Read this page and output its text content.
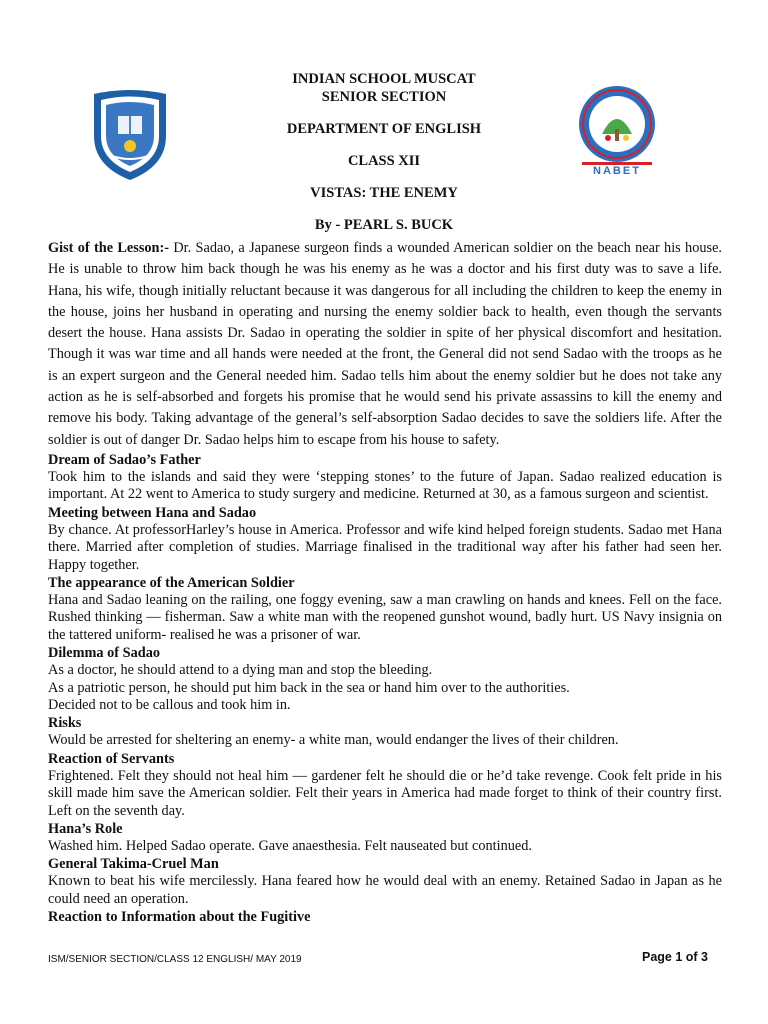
INDIAN SCHOOL MUSCAT
SENIOR SECTION
DEPARTMENT OF ENGLISH
CLASS XII
VISTAS: THE ENEMY
By - PEARL S. BUCK
NABET

Gist of the Lesson:- Dr. Sadao, a Japanese surgeon finds a wounded American soldier on the beach near his house. He is unable to throw him back though he was his enemy as he was a doctor and his first duty was to save a life. Hana, his wife, though initially reluctant because it was dangerous for all including the children to keep the enemy in the house, joins her husband in operating and nursing the enemy soldier back to health, even though the servants desert the house. Hana assists Dr. Sadao in operating the soldier in spite of her physical discomfort and hesitation. Though it was war time and all hands were needed at the front, the General did not send Sadao with the troops as he is an expert surgeon and the General needed him. Sadao tells him about the enemy soldier but he does not take any action as he is self-absorbed and forgets his promise that he would send his private assassins to kill the enemy and remove his body. Taking advantage of the general’s self-absorption Sadao decides to save the soldiers life. After the soldier is out of danger Dr. Sadao helps him to escape from his house to safety.

Dream of Sadao’s Father

Took him to the islands and said they were ‘stepping stones’ to the future of Japan. Sadao realized education is important. At 22 went to America to study surgery and medicine. Returned at 30, as a famous surgeon and scientist.

Meeting between Hana and Sadao

By chance. At professorHarley’s house in America. Professor and wife kind helped foreign students. Sadao met Hana there. Married after completion of studies. Marriage finalised in the traditional way after his father had seen her. Happy together.

The appearance of the American Soldier

Hana and Sadao leaning on the railing, one foggy evening, saw a man crawling on hands and knees. Fell on the face. Rushed thinking — fisherman. Saw a white man with the reopened gunshot wound, badly hurt. US Navy insignia on the tattered uniform- realised he was a prisoner of war.

Dilemma of Sadao

As a doctor, he should attend to a dying man and stop the bleeding.

As a patriotic person, he should put him back in the sea or hand him over to the authorities.

Decided not to be callous and took him in.

Risks

Would be arrested for sheltering an enemy- a white man, would endanger the lives of their children.

Reaction of Servants

Frightened. Felt they should not heal him — gardener felt he should die or he’d take revenge. Cook felt pride in his skill made him save the American soldier. Felt their years in America had made forget to think of their country first. Left on the seventh day.

Hana’s Role

Washed him. Helped Sadao operate. Gave anaesthesia. Felt nauseated but continued.

General Takima-Cruel Man

Known to beat his wife mercilessly. Hana feared how he would deal with an enemy. Retained Sadao in Japan as he could need an operation.

Reaction to Information about the Fugitive
ISM/SENIOR SECTION/CLASS 12 ENGLISH/ MAY 2019	Page 1 of 3
